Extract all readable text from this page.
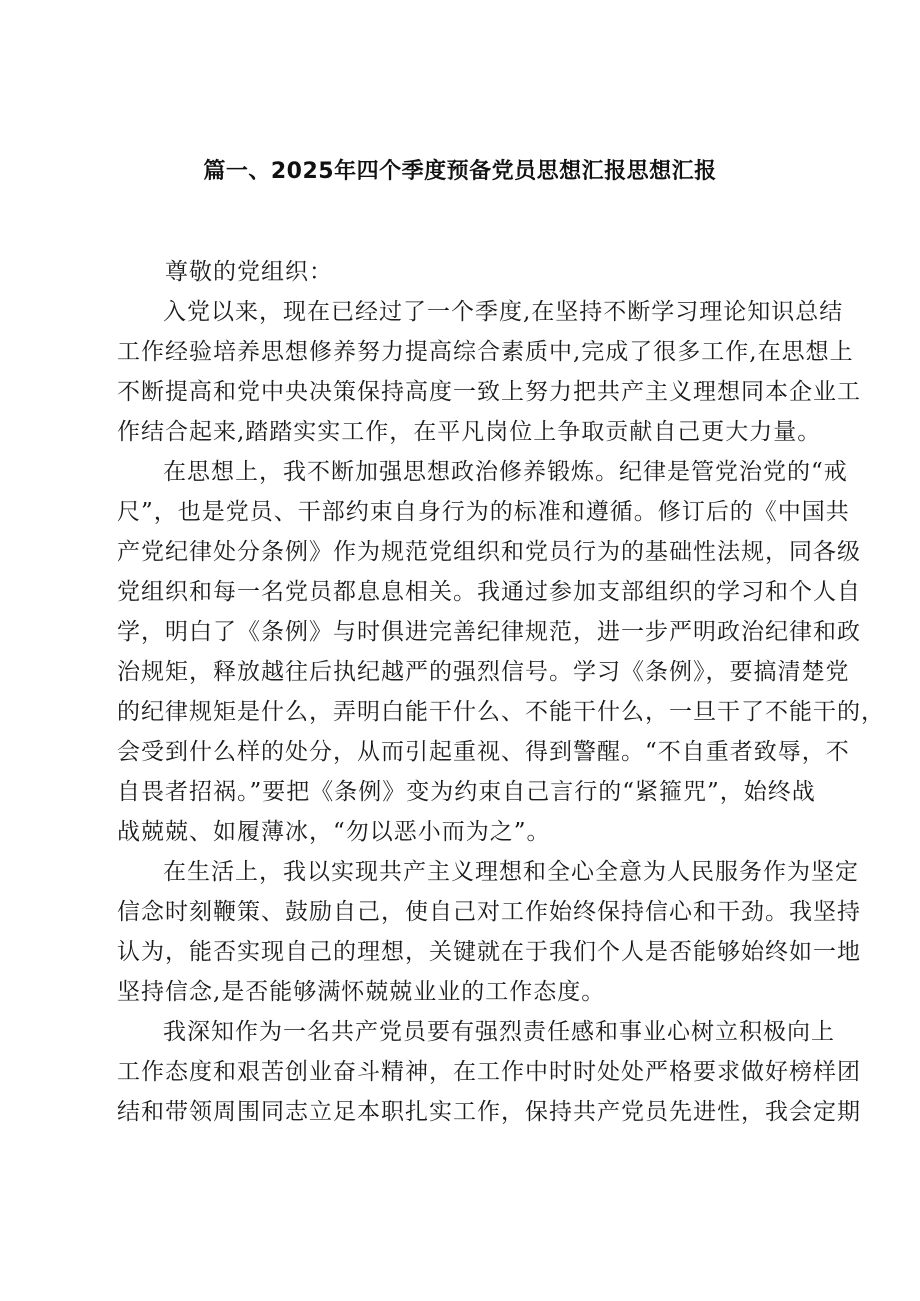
篇一、2025年四个季度预备党员思想汇报思想汇报

尊敬的党组织：

入党以来，现在已经过了一个季度,在坚持不断学习理论知识总结
工作经验培养思想修养努力提高综合素质中,完成了很多工作,在思想上
不断提高和党中央决策保持高度一致上努力把共产主义理想同本企业工
作结合起来,踏踏实实工作，在平凡岗位上争取贡献自己更大力量。

在思想上，我不断加强思想政治修养锻炼。纪律是管党治党的“戒
尺”，也是党员、干部约束自身行为的标准和遵循。修订后的《中国共
产党纪律处分条例》作为规范党组织和党员行为的基础性法规，同各级
党组织和每一名党员都息息相关。我通过参加支部组织的学习和个人自
学，明白了《条例》与时俱进完善纪律规范，进一步严明政治纪律和政
治规矩，释放越往后执纪越严的强烈信号。学习《条例》，要搞清楚党
的纪律规矩是什么，弄明白能干什么、不能干什么，一旦干了不能干的，
会受到什么样的处分，从而引起重视、得到警醒。“不自重者致辱，不
自畏者招祸。”要把《条例》变为约束自己言行的“紧箍咒”，始终战
战兢兢、如履薄冰，“勿以恶小而为之”。

在生活上，我以实现共产主义理想和全心全意为人民服务作为坚定
信念时刻鞭策、鼓励自己，使自己对工作始终保持信心和干劲。我坚持
认为，能否实现自己的理想，关键就在于我们个人是否能够始终如一地
坚持信念,是否能够满怀兢兢业业的工作态度。

我深知作为一名共产党员要有强烈责任感和事业心树立积极向上
工作态度和艰苦创业奋斗精神，在工作中时时处处严格要求做好榜样团
结和带领周围同志立足本职扎实工作，保持共产党员先进性，我会定期
